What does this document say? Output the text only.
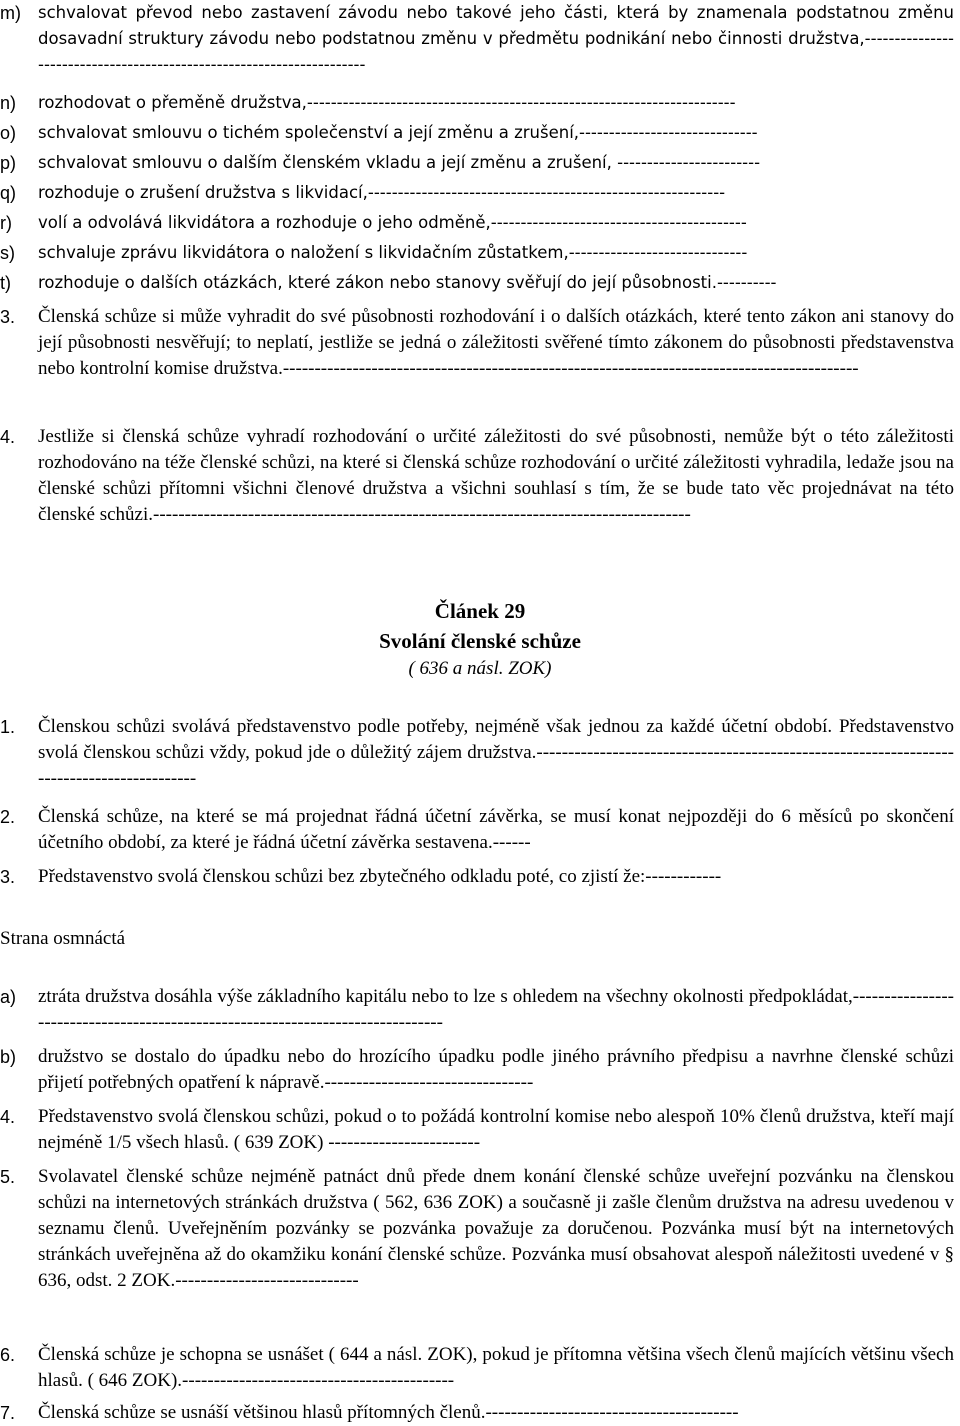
m)	schvalovat převod nebo zastavení závodu nebo takové jeho části, která by znamenala podstatnou změnu dosavadní struktury závodu nebo podstatnou změnu v předmětu podnikání nebo činnosti družstva,----------------------------------------------------------------------
n)	rozhodovat o přeměně družstva,------------------------------------------------------------------------
o)	schvalovat smlouvu o tichém společenství a její změnu a zrušení,------------------------------
p)	schvalovat smlouvu o dalším členském vkladu a její změnu a zrušení, ------------------------
q)	rozhoduje o zrušení družstva s likvidací,------------------------------------------------------------
r)	volí a odvolává likvidátora a rozhoduje o jeho odměně,-------------------------------------------
s)	schvaluje zprávu likvidátora o naložení s likvidačním zůstatkem,------------------------------
t)	rozhoduje o dalších otázkách, které zákon nebo stanovy svěřují do její působnosti.----------
3.	Členská schůze si může vyhradit do své působnosti rozhodování i o dalších otázkách, které tento zákon ani stanovy do její působnosti nesvěřují; to neplatí, jestliže se jedná o záležitosti svěřené tímto zákonem do působnosti představenstva nebo kontrolní komise družstva.-------------------------------------------------------------------------------------------
4.	Jestliže si členská schůze vyhradí rozhodování o určité záležitosti do své působnosti, nemůže být o této záležitosti rozhodováno na téže členské schůzi, na které si členská schůze rozhodování o určité záležitosti vyhradila, ledaže jsou na členské schůzi přítomni všichni členové družstva a všichni souhlasí s tím, že se bude tato věc projednávat na této členské schůzi.-------------------------------------------------------------------------------------
Článek 29
Svolání členské schůze
( 636 a násl. ZOK)
1.	Členskou schůzi svolává představenstvo podle potřeby, nejméně však jednou za každé účetní období. Představenstvo svolá členskou schůzi vždy, pokud jde o důležitý zájem družstva.-------------------------------------------------------------------------------------------
2.	Členská schůze, na které se má projednat řádná účetní závěrka, se musí konat nejpozději do 6 měsíců po skončení účetního období, za které je řádná účetní závěrka sestavena.------
3.	Představenstvo svolá členskou schůzi bez zbytečného odkladu poté, co zjistí že:------------
Strana osmnáctá
a)	ztráta družstva dosáhla výše základního kapitálu nebo to lze s ohledem na všechny okolnosti předpokládat,--------------------------------------------------------------------------------
b)	družstvo se dostalo do úpadku nebo do hrozícího úpadku podle jiného právního předpisu a navrhne členské schůzi přijetí potřebných opatření k nápravě.---------------------------------
4.	Představenstvo svolá členskou schůzi, pokud o to požádá kontrolní komise nebo alespoň 10% členů družstva, kteří mají nejméně 1/5 všech hlasů. ( 639 ZOK) ------------------------
5.	Svolavatel členské schůze nejméně patnáct dnů přede dnem konání členské schůze uveřejní pozvánku na členskou schůzi na internetových stránkách družstva ( 562, 636 ZOK) a současně ji zašle členům družstva na adresu uvedenou v seznamu členů. Uveřejněním pozvánky se pozvánka považuje za doručenou. Pozvánka musí být na internetových stránkách uveřejněna až do okamžiku konání členské schůze. Pozvánka musí obsahovat alespoň náležitosti uvedené v § 636, odst. 2 ZOK.-----------------------------
6.	Členská schůze je schopna se usnášet ( 644 a násl. ZOK), pokud je přítomna většina všech členů majících většinu všech hlasů. ( 646 ZOK).-------------------------------------------
7.	Členská schůze se usnáší většinou hlasů přítomných členů.----------------------------------------
